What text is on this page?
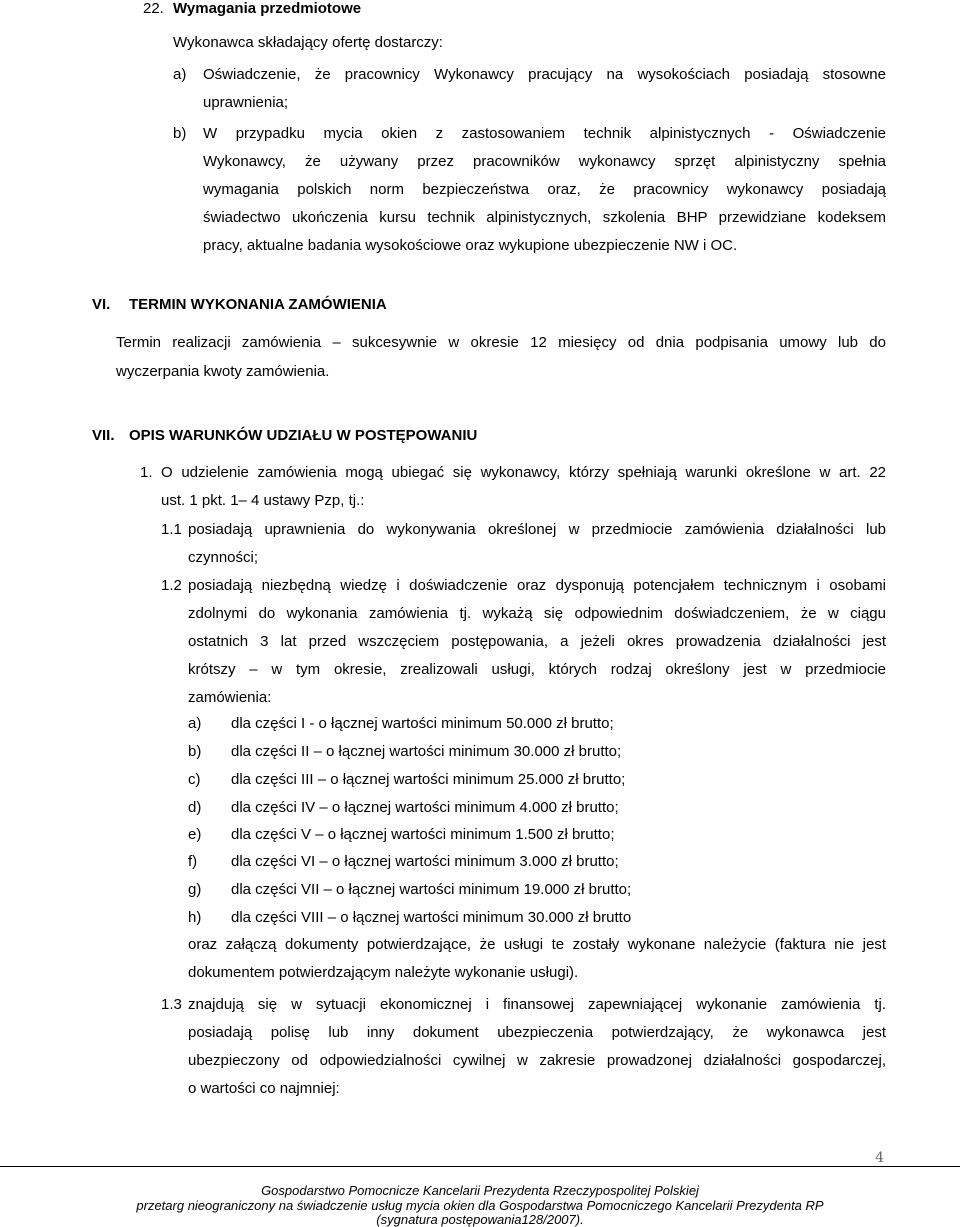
22. Wymagania przedmiotowe
Wykonawca składający ofertę dostarczy:
a) Oświadczenie, że pracownicy Wykonawcy pracujący na wysokościach posiadają stosowne
uprawnienia;
b) W przypadku mycia okien z zastosowaniem technik alpinistycznych - Oświadczenie
Wykonawcy, że używany przez pracowników wykonawcy sprzęt alpinistyczny spełnia
wymagania polskich norm bezpieczeństwa oraz, że pracownicy wykonawcy posiadają
świadectwo ukończenia kursu technik alpinistycznych, szkolenia BHP przewidziane kodeksem
pracy, aktualne badania wysokościowe oraz wykupione ubezpieczenie NW i OC.
VI. TERMIN WYKONANIA ZAMÓWIENIA
Termin realizacji zamówienia – sukcesywnie w okresie 12 miesięcy od dnia podpisania umowy lub do
wyczerpania kwoty zamówienia.
VII. OPIS WARUNKÓW UDZIAŁU W POSTĘPOWANIU
1. O udzielenie zamówienia mogą ubiegać się wykonawcy, którzy spełniają warunki określone w art. 22
ust. 1 pkt. 1– 4 ustawy Pzp, tj.:
1.1 posiadają uprawnienia do wykonywania określonej w przedmiocie zamówienia działalności lub
czynności;
1.2 posiadają niezbędną wiedzę i doświadczenie oraz dysponują potencjałem technicznym i osobami
zdolnymi do wykonania zamówienia tj. wykażą się odpowiednim doświadczeniem, że w ciągu
ostatnich 3 lat przed wszczęciem postępowania, a jeżeli okres prowadzenia działalności jest
krótszy – w tym okresie, zrealizowali usługi, których rodzaj określony jest w przedmiocie
zamówienia:
a) dla części I - o łącznej wartości minimum 50.000 zł brutto;
b) dla części II – o łącznej wartości minimum 30.000 zł brutto;
c) dla części III – o łącznej wartości minimum 25.000 zł brutto;
d) dla części IV – o łącznej wartości minimum 4.000 zł brutto;
e) dla części V – o łącznej wartości minimum 1.500 zł brutto;
f) dla części VI – o łącznej wartości minimum 3.000 zł brutto;
g) dla części VII – o łącznej wartości minimum 19.000 zł brutto;
h) dla części VIII – o łącznej wartości minimum 30.000 zł brutto
oraz załączą dokumenty potwierdzające, że usługi te zostały wykonane należycie (faktura nie jest
dokumentem potwierdzającym należyte wykonanie usługi).
1.3 znajdują się w sytuacji ekonomicznej i finansowej zapewniającej wykonanie zamówienia tj.
posiadają polisę lub inny dokument ubezpieczenia potwierdzający, że wykonawca jest
ubezpieczony od odpowiedzialności cywilnej w zakresie prowadzonej działalności gospodarczej,
o wartości co najmniej:
4
Gospodarstwo Pomocnicze Kancelarii Prezydenta Rzeczypospolitej Polskiej
przetarg nieograniczony na świadczenie usług mycia okien dla Gospodarstwa Pomocniczego Kancelarii Prezydenta RP
(sygnatura postępowania128/2007).
